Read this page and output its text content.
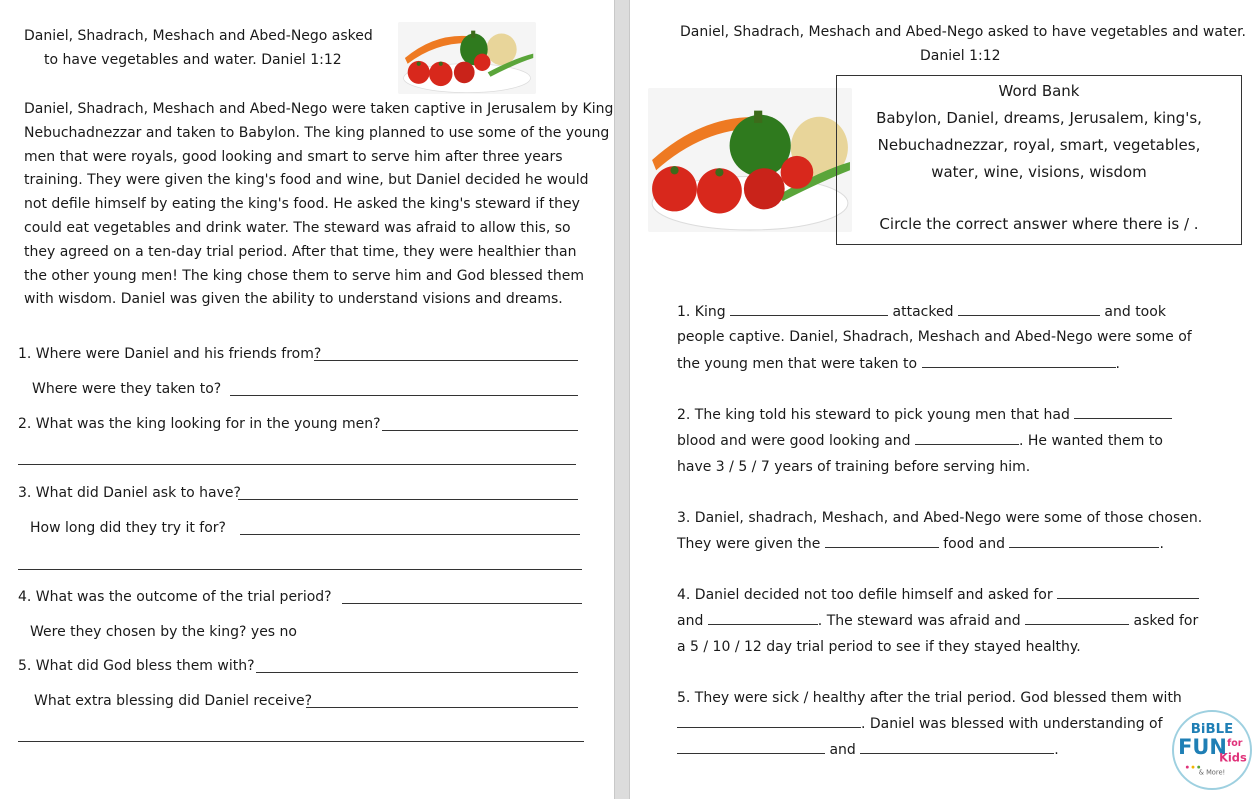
Daniel, Shadrach, Meshach and Abed-Nego asked
to have vegetables and water. Daniel 1:12
Daniel, Shadrach, Meshach and Abed-Nego were taken captive in Jerusalem by King
Nebuchadnezzar and taken to Babylon. The king planned to use some of the young
men that were royals, good looking and smart to serve him after three years
training. They were given the king's food and wine, but Daniel decided he would
not defile himself by eating the king's food. He asked the king's steward if they
could eat vegetables and drink water. The steward was afraid to allow this, so
they agreed on a ten-day trial period. After that time, they were healthier than
the other young men! The king chose them to serve him and God blessed them
with wisdom. Daniel was given the ability to understand visions and dreams.
1. Where were Daniel and his friends from?
Where were they taken to?
2. What was the king looking for in the young men?
3. What did Daniel ask to have?
How long did they try it for?
4. What was the outcome of the trial period?
Were they chosen by the king? yes no
5. What did God bless them with?
What extra blessing did Daniel receive?
Daniel, Shadrach, Meshach and Abed-Nego asked to have vegetables and water.
Daniel 1:12
Word Bank
Babylon, Daniel, dreams, Jerusalem, king's,
Nebuchadnezzar, royal, smart, vegetables,
water, wine, visions, wisdom
Circle the correct answer where there is / .
1. King	attacked	and took
people captive. Daniel, Shadrach, Meshach and Abed-Nego were some of
the young men that were taken to	.
2. The king told his steward to pick young men that had
blood and were good looking and	. He wanted them to
have 3 / 5 / 7 years of training before serving him.
3. Daniel, shadrach, Meshach, and Abed-Nego were some of those chosen.
They were given the	food and	.
4. Daniel decided not too defile himself and asked for
and	. The steward was afraid and	asked for
a 5 / 10 / 12 day trial period to see if they stayed healthy.
5. They were sick / healthy after the trial period. God blessed them with
. Daniel was blessed with understanding of
and	.
BiBLE
FUN for
Kids
& More!
